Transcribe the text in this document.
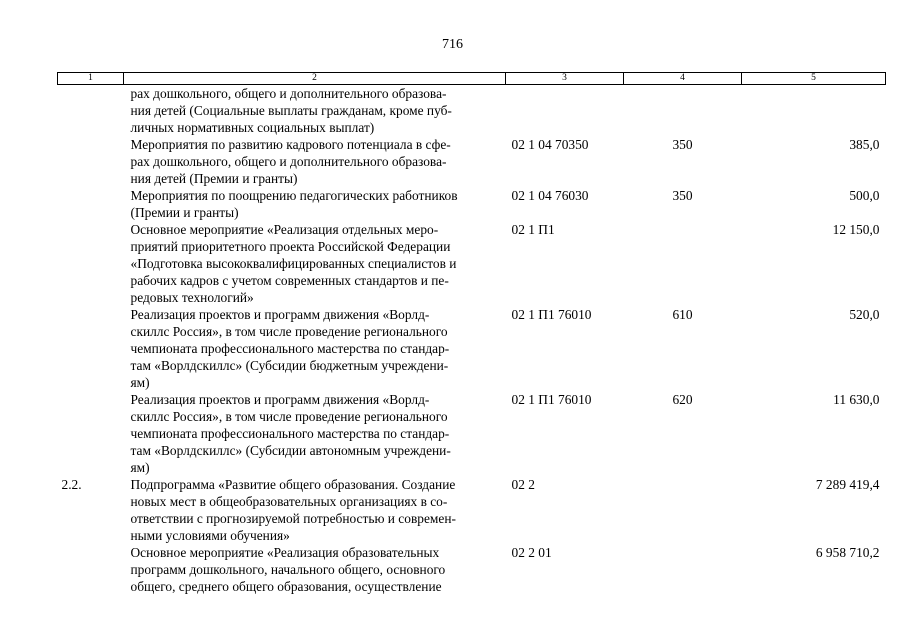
716
1	2	3	4	5
	рах дошкольного, общего и дополнительного образова-
ния детей (Социальные выплаты гражданам, кроме пуб-
личных нормативных социальных выплат)			
	Мероприятия по развитию кадрового потенциала в сфе-
рах дошкольного, общего и дополнительного образова-
ния детей (Премии и гранты)	02 1 04 70350	350	385,0
	Мероприятия по поощрению педагогических работников
(Премии и гранты)	02 1 04 76030	350	500,0
	Основное мероприятие «Реализация отдельных меро-
приятий приоритетного проекта Российской Федерации
«Подготовка высококвалифицированных специалистов и
рабочих кадров с учетом современных стандартов и пе-
редовых технологий»	02 1 П1		12 150,0
	Реализация проектов и программ движения «Ворлд-
скиллс Россия», в том числе проведение регионального
чемпионата профессионального мастерства по стандар-
там «Ворлдскиллс» (Субсидии бюджетным учреждени-
ям)	02 1 П1 76010	610	520,0
	Реализация проектов и программ движения «Ворлд-
скиллс Россия», в том числе проведение регионального
чемпионата профессионального мастерства по стандар-
там «Ворлдскиллс» (Субсидии автономным учреждени-
ям)	02 1 П1 76010	620	11 630,0
2.2.	Подпрограмма «Развитие общего образования. Создание
новых мест в общеобразовательных организациях в со-
ответствии с прогнозируемой потребностью и современ-
ными условиями обучения»	02 2		7 289 419,4
	Основное мероприятие «Реализация образовательных
программ дошкольного, начального общего, основного
общего, среднего общего образования, осуществление	02 2 01		6 958 710,2
